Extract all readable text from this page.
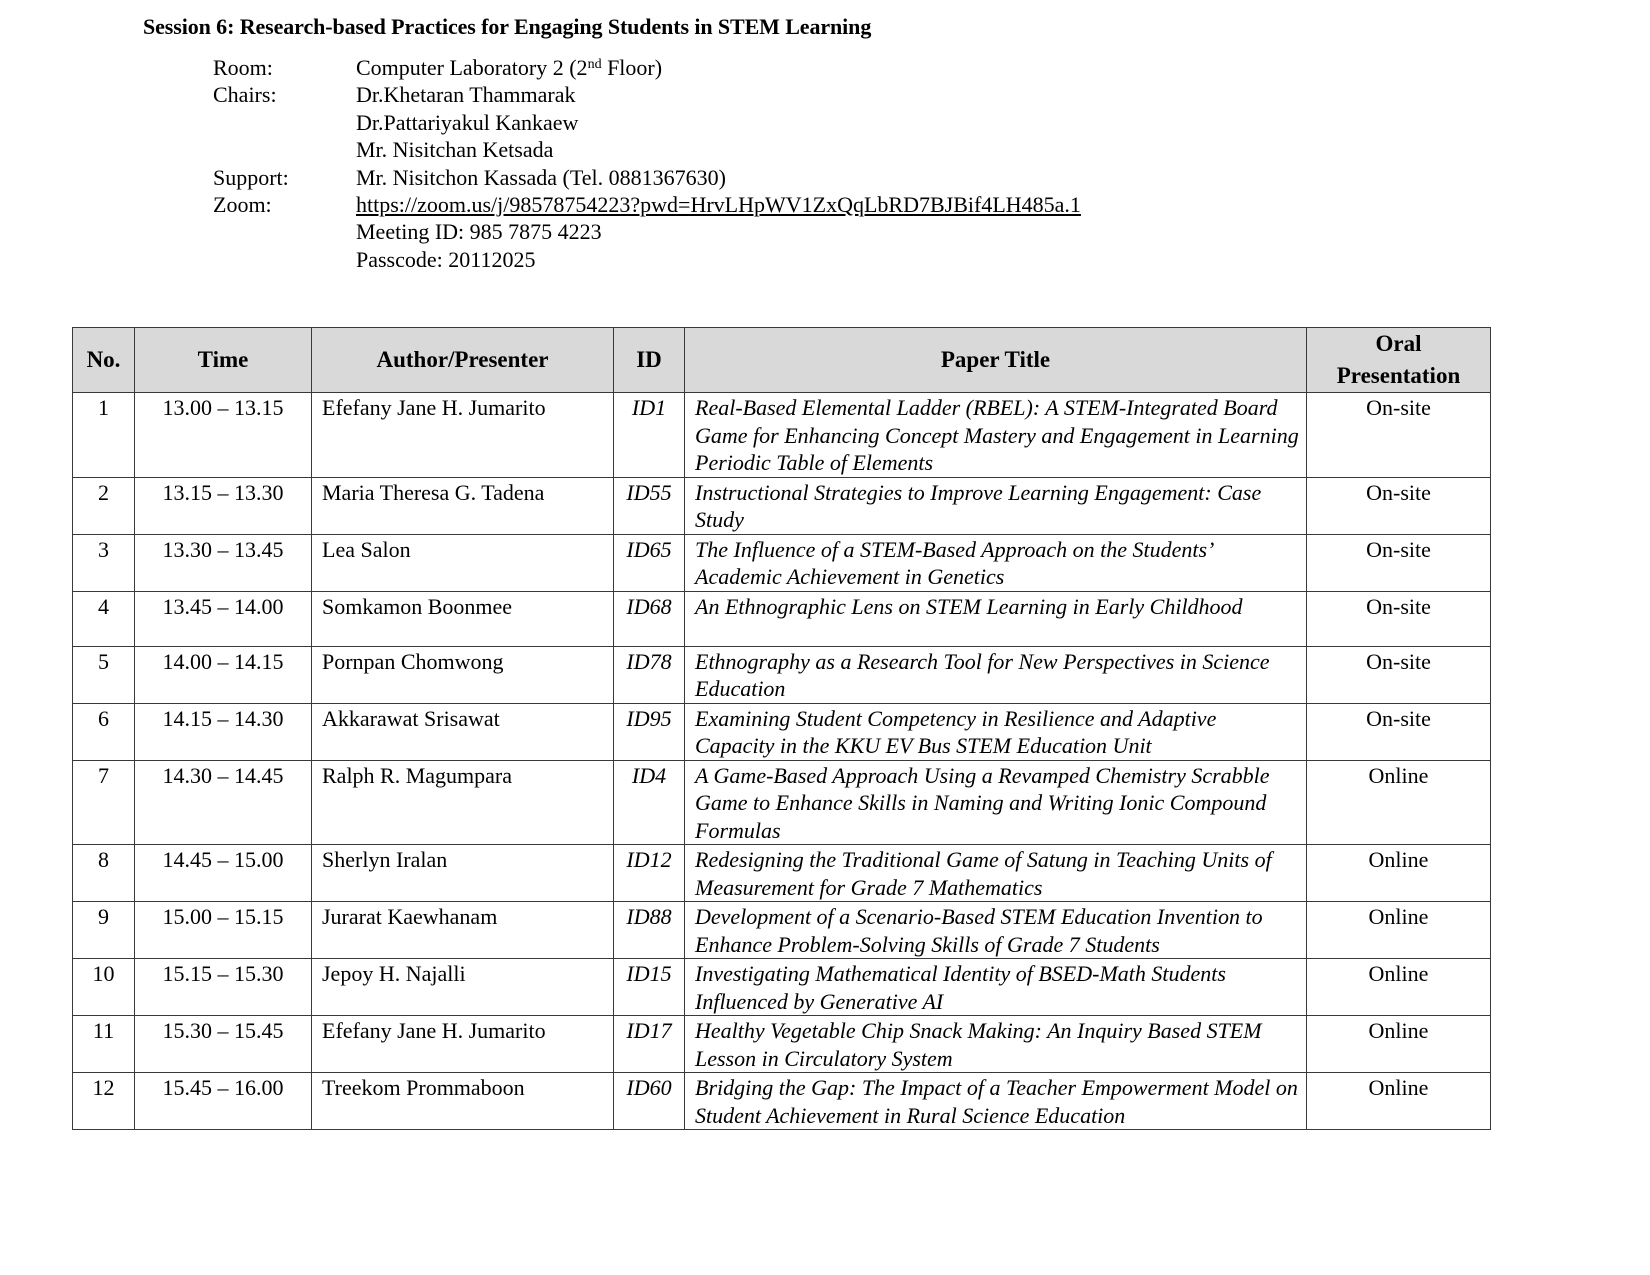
Session 6: Research-based Practices for Engaging Students in STEM Learning
Room:	Computer Laboratory 2 (2nd Floor)
Chairs:	Dr.Khetaran Thammarak
Dr.Pattariyakul Kankaew
Mr. Nisitchan Ketsada
Support:	Mr. Nisitchon Kassada (Tel. 0881367630)
Zoom:	https://zoom.us/j/98578754223?pwd=HrvLHpWV1ZxQqLbRD7BJBif4LH485a.1
Meeting ID: 985 7875 4223
Passcode: 20112025
No.	Time	Author/Presenter	ID	Paper Title	Oral
Presentation

1	13.00 – 13.15	Efefany Jane H. Jumarito	ID1	Real-Based Elemental Ladder (RBEL): A STEM-Integrated Board Game for Enhancing Concept Mastery and Engagement in Learning Periodic Table of Elements	On-site
2	13.15 – 13.30	Maria Theresa G. Tadena	ID55	Instructional Strategies to Improve Learning Engagement: Case Study	On-site
3	13.30 – 13.45	Lea Salon	ID65	The Influence of a STEM-Based Approach on the Students’ Academic Achievement in Genetics	On-site
4	13.45 – 14.00	Somkamon Boonmee	ID68	An Ethnographic Lens on STEM Learning in Early Childhood	On-site
5	14.00 – 14.15	Pornpan Chomwong	ID78	Ethnography as a Research Tool for New Perspectives in Science Education	On-site
6	14.15 – 14.30	Akkarawat Srisawat	ID95	Examining Student Competency in Resilience and Adaptive Capacity in the KKU EV Bus STEM Education Unit	On-site
7	14.30 – 14.45	Ralph R. Magumpara	ID4	A Game-Based Approach Using a Revamped Chemistry Scrabble Game to Enhance Skills in Naming and Writing Ionic Compound Formulas	Online
8	14.45 – 15.00	Sherlyn Iralan	ID12	Redesigning the Traditional Game of Satung in Teaching Units of Measurement for Grade 7 Mathematics	Online
9	15.00 – 15.15	Jurarat Kaewhanam	ID88	Development of a Scenario-Based STEM Education Invention to Enhance Problem-Solving Skills of Grade 7 Students	Online
10	15.15 – 15.30	Jepoy H. Najalli	ID15	Investigating Mathematical Identity of BSED-Math Students Influenced by Generative AI	Online
11	15.30 – 15.45	Efefany Jane H. Jumarito	ID17	Healthy Vegetable Chip Snack Making: An Inquiry Based STEM Lesson in Circulatory System	Online
12	15.45 – 16.00	Treekom Prommaboon	ID60	Bridging the Gap: The Impact of a Teacher Empowerment Model on Student Achievement in Rural Science Education	Online
